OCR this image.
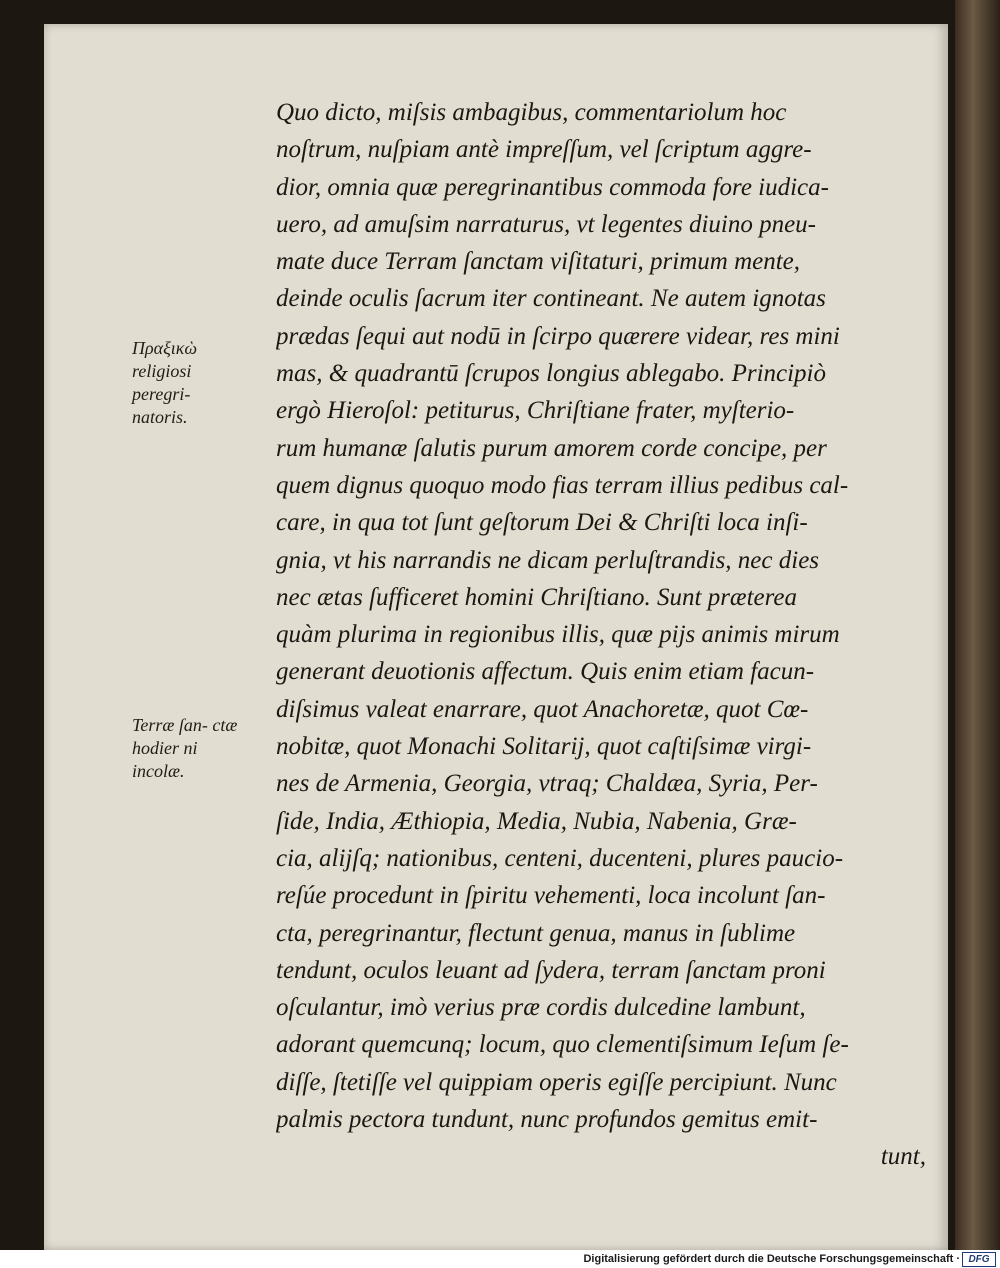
Πραξικὼ religiosi peregri- natoris.

Terræ ſan- ctæ hodier ni incolæ.

Quo dicto, miſsis ambagibus, commentariolum hoc
noſtrum, nuſpiam antè impreſſum, vel ſcriptum aggre-
dior, omnia quæ peregrinantibus commoda fore iudica-
uero, ad amuſsim narraturus, vt legentes diuino pneu-
mate duce Terram ſanctam viſitaturi, primum mente,
deinde oculis ſacrum iter contineant. Ne autem ignotas
prædas ſequi aut nodū in ſcirpo quærere videar, res mini
mas, & quadrantū ſcrupos longius ablegabo. Principiò
ergò Hieroſol: petiturus, Chriſtiane frater, myſterio-
rum humanæ ſalutis purum amorem corde concipe, per
quem dignus quoquo modo fias terram illius pedibus cal-
care, in qua tot ſunt geſtorum Dei & Chriſti loca inſi-
gnia, vt his narrandis ne dicam perluſtrandis, nec dies
nec ætas ſufficeret homini Chriſtiano. Sunt præterea
quàm plurima in regionibus illis, quæ pijs animis mirum
generant deuotionis affectum. Quis enim etiam facun-
diſsimus valeat enarrare, quot Anachoretæ, quot Cœ-
nobitæ, quot Monachi Solitarij, quot caſtiſsimæ virgi-
nes de Armenia, Georgia, vtraq; Chaldæa, Syria, Per-
ſide, India, Æthiopia, Media, Nubia, Nabenia, Græ-
cia, alijſq; nationibus, centeni, ducenteni, plures paucio-
reſúe procedunt in ſpiritu vehementi, loca incolunt ſan-
cta, peregrinantur, flectunt genua, manus in ſublime
tendunt, oculos leuant ad ſydera, terram ſanctam proni
oſculantur, imò verius præ cordis dulcedine lambunt,
adorant quemcunq; locum, quo clementiſsimum Ieſum ſe-
diſſe, ſtetiſſe vel quippiam operis egiſſe percipiunt. Nunc
palmis pectora tundunt, nunc profundos gemitus emit-
tunt,
Digitalisierung gefördert durch die Deutsche Forschungsgemeinschaft · DFG
